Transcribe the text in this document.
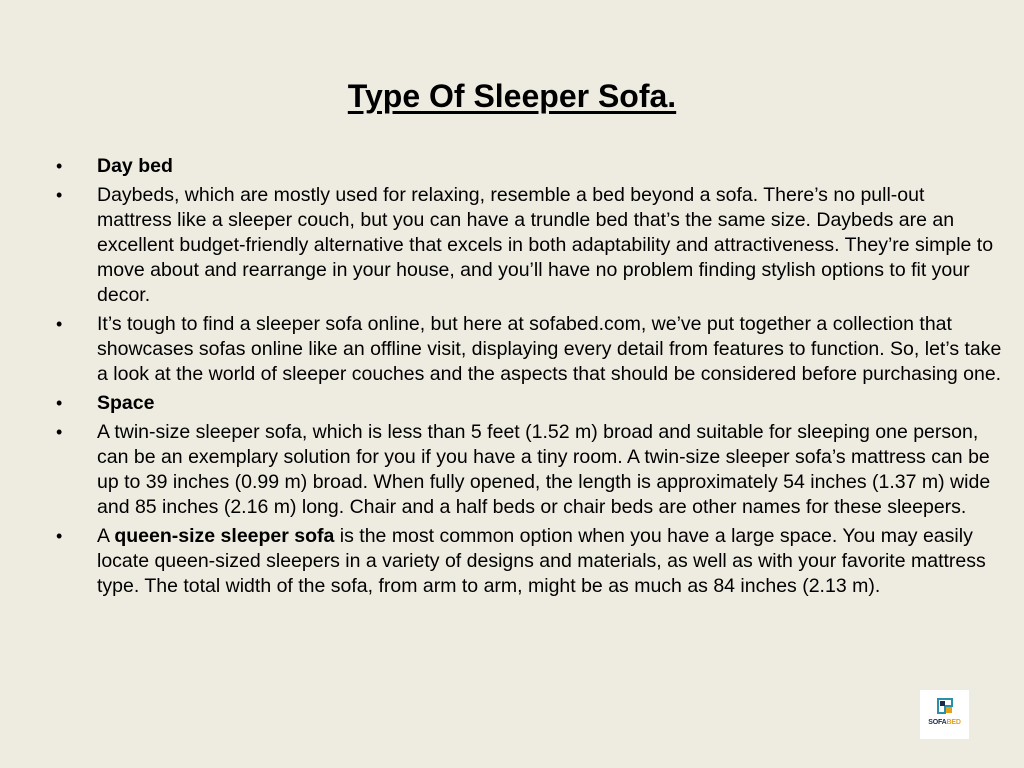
Type Of Sleeper Sofa.
• Day bed
• Daybeds, which are mostly used for relaxing, resemble a bed beyond a sofa. There’s no pull-out mattress like a sleeper couch, but you can have a trundle bed that’s the same size. Daybeds are an excellent budget-friendly alternative that excels in both adaptability and attractiveness. They’re simple to move about and rearrange in your house, and you’ll have no problem finding stylish options to fit your decor.
• It’s tough to find a sleeper sofa online, but here at sofabed.com, we’ve put together a collection that showcases sofas online like an offline visit, displaying every detail from features to function. So, let’s take a look at the world of sleeper couches and the aspects that should be considered before purchasing one.
• Space
• A twin-size sleeper sofa, which is less than 5 feet (1.52 m) broad and suitable for sleeping one person, can be an exemplary solution for you if you have a tiny room. A twin-size sleeper sofa’s mattress can be up to 39 inches (0.99 m) broad. When fully opened, the length is approximately 54 inches (1.37 m) wide and 85 inches (2.16 m) long. Chair and a half beds or chair beds are other names for these sleepers.
• A queen-size sleeper sofa is the most common option when you have a large space. You may easily locate queen-sized sleepers in a variety of designs and materials, as well as with your favorite mattress type. The total width of the sofa, from arm to arm, might be as much as 84 inches (2.13 m).
SOFABED
